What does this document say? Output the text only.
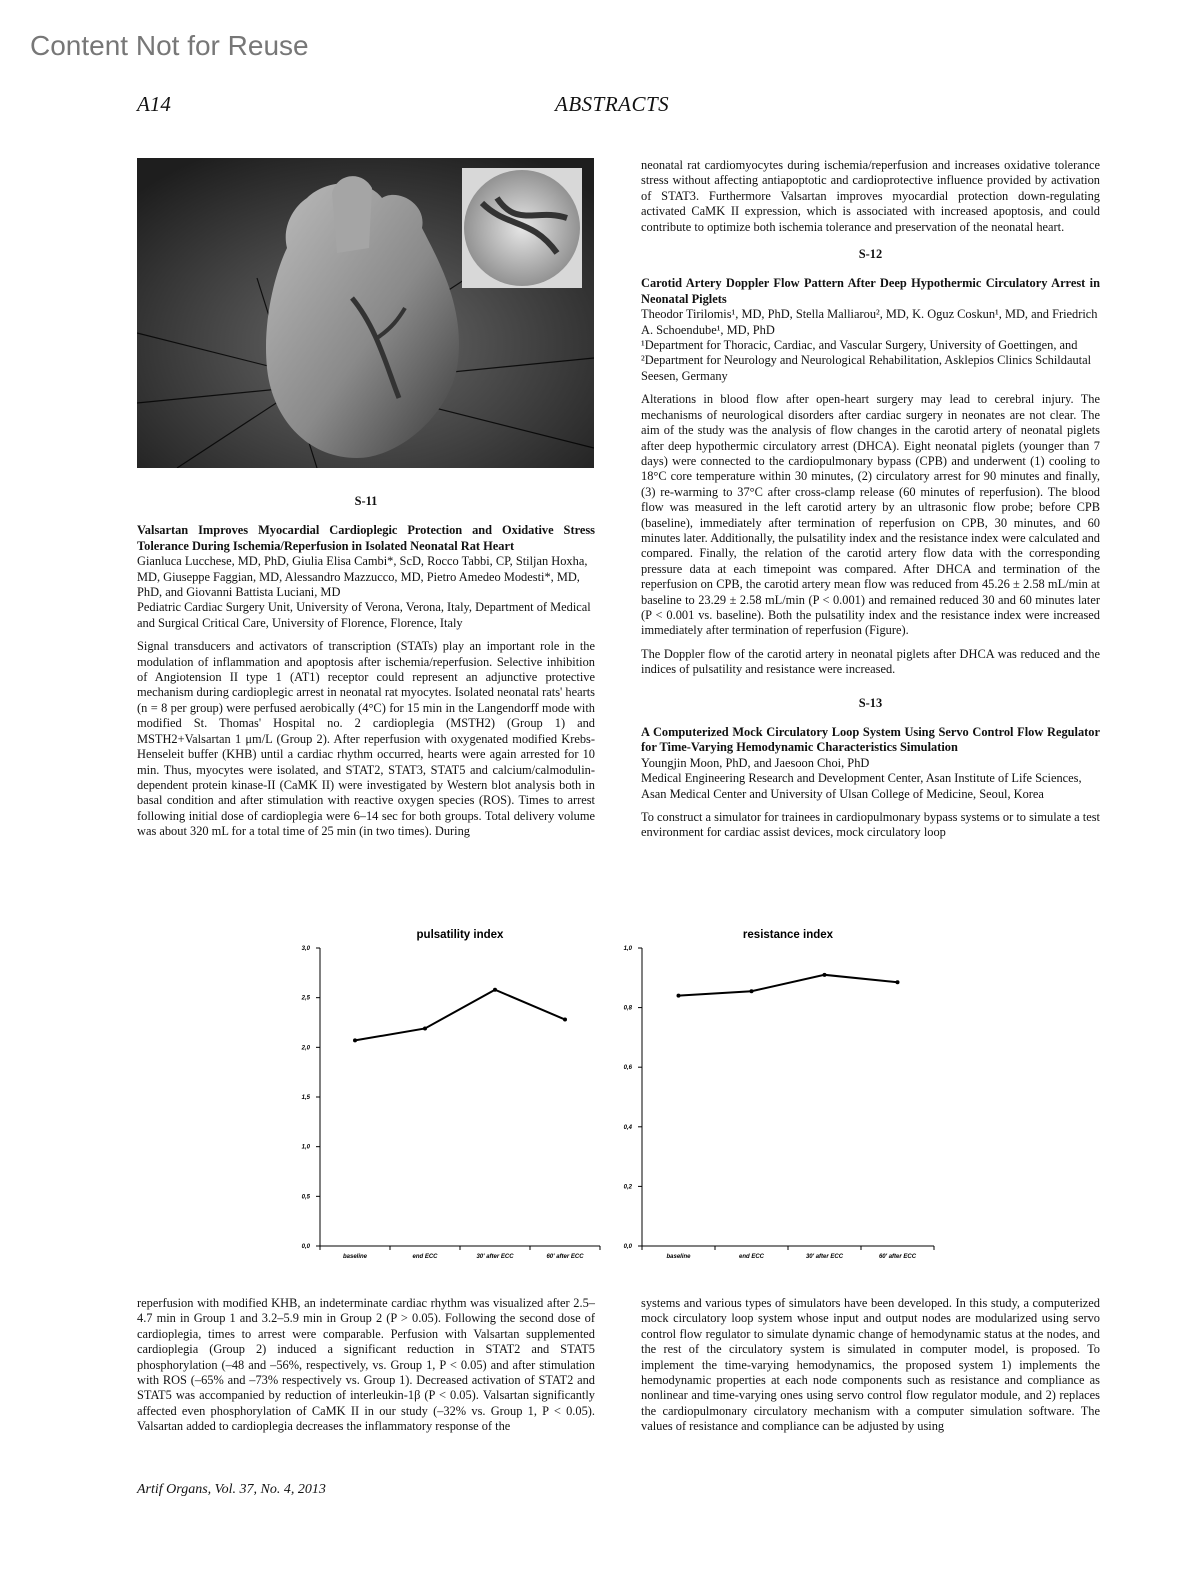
Content Not for Reuse
A14	ABSTRACTS
S-11
Valsartan Improves Myocardial Cardioplegic Protection and Oxidative Stress Tolerance During Ischemia/Reperfusion in Isolated Neonatal Rat Heart
Gianluca Lucchese, MD, PhD, Giulia Elisa Cambi*, ScD, Rocco Tabbi, CP, Stiljan Hoxha, MD, Giuseppe Faggian, MD, Alessandro Mazzucco, MD, Pietro Amedeo Modesti*, MD, PhD, and Giovanni Battista Luciani, MD
Pediatric Cardiac Surgery Unit, University of Verona, Verona, Italy, Department of Medical and Surgical Critical Care, University of Florence, Florence, Italy

Signal transducers and activators of transcription (STATs) play an important role in the modulation of inflammation and apoptosis after ischemia/reperfusion. Selective inhibition of Angiotension II type 1 (AT1) receptor could represent an adjunctive protective mechanism during cardioplegic arrest in neonatal rat myocytes. Isolated neonatal rats' hearts (n = 8 per group) were perfused aerobically (4°C) for 15 min in the Langendorff mode with modified St. Thomas' Hospital no. 2 cardioplegia (MSTH2) (Group 1) and MSTH2+Valsartan 1 μm/L (Group 2). After reperfusion with oxygenated modified Krebs-Henseleit buffer (KHB) until a cardiac rhythm occurred, hearts were again arrested for 10 min. Thus, myocytes were isolated, and STAT2, STAT3, STAT5 and calcium/calmodulin-dependent protein kinase-II (CaMK II) were investigated by Western blot analysis both in basal condition and after stimulation with reactive oxygen species (ROS). Times to arrest following initial dose of cardioplegia were 6–14 sec for both groups. Total delivery volume was about 320 mL for a total time of 25 min (in two times). During

neonatal rat cardiomyocytes during ischemia/reperfusion and increases oxidative tolerance stress without affecting antiapoptotic and cardioprotective influence provided by activation of STAT3. Furthermore Valsartan improves myocardial protection down-regulating activated CaMK II expression, which is associated with increased apoptosis, and could contribute to optimize both ischemia tolerance and preservation of the neonatal heart.

S-12
Carotid Artery Doppler Flow Pattern After Deep Hypothermic Circulatory Arrest in Neonatal Piglets
Theodor Tirilomis¹, MD, PhD, Stella Malliarou², MD, K. Oguz Coskun¹, MD, and Friedrich A. Schoendube¹, MD, PhD
¹Department for Thoracic, Cardiac, and Vascular Surgery, University of Goettingen, and ²Department for Neurology and Neurological Rehabilitation, Asklepios Clinics Schildautal Seesen, Germany

Alterations in blood flow after open-heart surgery may lead to cerebral injury. The mechanisms of neurological disorders after cardiac surgery in neonates are not clear. The aim of the study was the analysis of flow changes in the carotid artery of neonatal piglets after deep hypothermic circulatory arrest (DHCA). Eight neonatal piglets (younger than 7 days) were connected to the cardiopulmonary bypass (CPB) and underwent (1) cooling to 18°C core temperature within 30 minutes, (2) circulatory arrest for 90 minutes and finally, (3) re-warming to 37°C after cross-clamp release (60 minutes of reperfusion). The blood flow was measured in the left carotid artery by an ultrasonic flow probe; before CPB (baseline), immediately after termination of reperfusion on CPB, 30 minutes, and 60 minutes later. Additionally, the pulsatility index and the resistance index were calculated and compared. Finally, the relation of the carotid artery flow data with the corresponding pressure data at each timepoint was compared. After DHCA and termination of the reperfusion on CPB, the carotid artery mean flow was reduced from 45.26 ± 2.58 mL/min at baseline to 23.29 ± 2.58 mL/min (P < 0.001) and remained reduced 30 and 60 minutes later (P < 0.001 vs. baseline). Both the pulsatility index and the resistance index were increased immediately after termination of reperfusion (Figure).

The Doppler flow of the carotid artery in neonatal piglets after DHCA was reduced and the indices of pulsatility and resistance were increased.

S-13
A Computerized Mock Circulatory Loop System Using Servo Control Flow Regulator for Time-Varying Hemodynamic Characteristics Simulation
Youngjin Moon, PhD, and Jaesoon Choi, PhD
Medical Engineering Research and Development Center, Asan Institute of Life Sciences, Asan Medical Center and University of Ulsan College of Medicine, Seoul, Korea

To construct a simulator for trainees in cardiopulmonary bypass systems or to simulate a test environment for cardiac assist devices, mock circulatory loop

pulsatility index
0,0
0,5
1,0
1,5
2,0
2,5
3,0
baseline	end ECC	30' after ECC	60' after ECC
resistance index
0,0
0,2
0,4
0,6
0,8
1,0
baseline	end ECC	30' after ECC	60' after ECC

reperfusion with modified KHB, an indeterminate cardiac rhythm was visualized after 2.5–4.7 min in Group 1 and 3.2–5.9 min in Group 2 (P > 0.05). Following the second dose of cardioplegia, times to arrest were comparable. Perfusion with Valsartan supplemented cardioplegia (Group 2) induced a significant reduction in STAT2 and STAT5 phosphorylation (–48 and –56%, respectively, vs. Group 1, P < 0.05) and after stimulation with ROS (–65% and –73% respectively vs. Group 1). Decreased activation of STAT2 and STAT5 was accompanied by reduction of interleukin-1β (P < 0.05). Valsartan significantly affected even phosphorylation of CaMK II in our study (–32% vs. Group 1, P < 0.05). Valsartan added to cardioplegia decreases the inflammatory response of the

systems and various types of simulators have been developed. In this study, a computerized mock circulatory loop system whose input and output nodes are modularized using servo control flow regulator to simulate dynamic change of hemodynamic status at the nodes, and the rest of the circulatory system is simulated in computer model, is proposed. To implement the time-varying hemodynamics, the proposed system 1) implements the hemodynamic properties at each node components such as resistance and compliance as nonlinear and time-varying ones using servo control flow regulator module, and 2) replaces the cardiopulmonary circulatory mechanism with a computer simulation software. The values of resistance and compliance can be adjusted by using

Artif Organs, Vol. 37, No. 4, 2013
